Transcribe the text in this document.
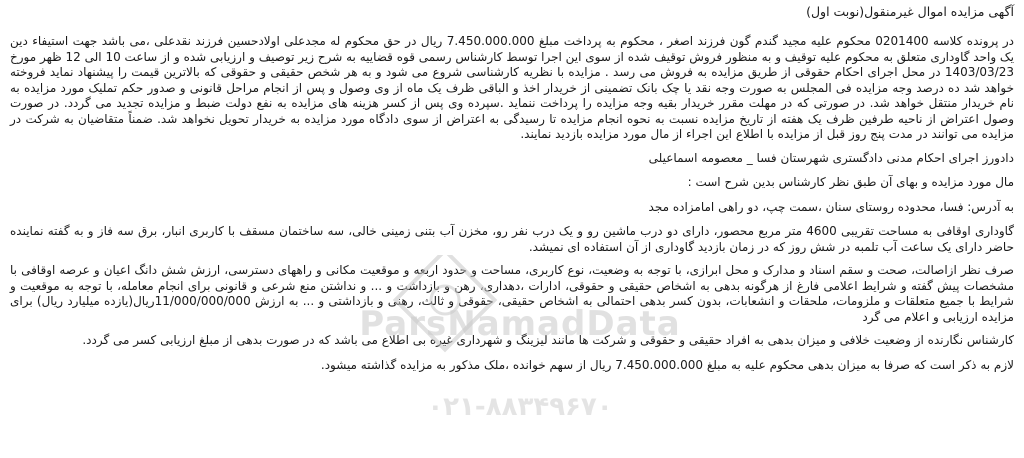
آگهی مزایده اموال غیرمنقول(نوبت اول)

در پرونده کلاسه 0201400 محکوم علیه مجید گندم گون فرزند اصغر ، محکوم به پرداخت مبلغ 7.450.000.000 ریال در حق محکوم له مجدعلی اولادحسین فرزند نقدعلی ،می باشد جهت استیفاء دین یک واحد گاوداری متعلق به محکوم علیه توقیف و به منظور فروش توقیف شده از سوی این اجرا توسط کارشناس رسمی قوه قضاییه به شرح زیر توصیف و ارزیابی شده و از ساعت 10 الی 12 ظهر مورخ 1403/03/23 در محل اجرای احکام حقوقی از طریق مزایده به فروش می رسد . مزایده با نظریه کارشناسی شروع می شود و به هر شخص حقیقی و حقوقی که بالاترین قیمت را پیشنهاد نماید فروخته خواهد شد ده درصد وجه مزایده فی المجلس به صورت وجه نقد یا چک بانک تضمینی از خریدار اخذ و الباقی ظرف یک ماه از وی وصول و پس از انجام مراحل قانونی و صدور حکم تملیک مورد مزایده به نام خریدار منتقل خواهد شد. در صورتی که در مهلت مقرر خریدار بقیه وجه مزایده را پرداخت ننماید .سپرده وی پس از کسر هزینه های مزایده به نفع دولت ضبط و مزایده تجدید می گردد. در صورت وصول اعتراض از ناحیه طرفین ظرف یک هفته از تاریخ مزایده نسبت به نحوه انجام مزایده تا رسیدگی به اعتراض از سوی دادگاه مورد مزایده به خریدار تحویل نخواهد شد. ضمناً متقاضیان به شرکت در مزایده می توانند در مدت پنج روز قبل از مزایده با اطلاع این اجراء از مال مورد مزایده بازدید نمایند.

دادورز اجرای احکام مدنی دادگستری شهرستان فسا _ معصومه اسماعیلی

مال مورد مزایده و بهای آن طبق نظر کارشناس بدین شرح است :

به آدرس: فسا، محدوده روستای سنان ،سمت چپ، دو راهی امامزاده مجد

گاوداری اوقافی به مساحت تقریبی 4600 متر مربع محصور، دارای دو درب ماشین رو و یک درب نفر رو، مخزن آب بتنی زمینی خالی، سه ساختمان مسقف با کاربری انبار، برق سه فاز و به گفته نماینده حاضر دارای یک ساعت آب تلمبه در شش روز که در زمان بازدید گاوداری از آن استفاده ای نمیشد.

صرف نظر ازاصالت، صحت و سقم اسناد و مدارک و محل ابرازی، با توجه به وضعیت، نوع کاربری، مساحت و حدود اربعه و موقعیت مکانی و راههای دسترسی، ارزش شش دانگ اعیان و عرصه اوقافی با مشخصات پیش گفته و شرایط اعلامی فارغ از هرگونه بدهی به اشخاص حقیقی و حقوقی، ادارات ،دهداری، رهن و بازداشت و ... و نداشتن منع شرعی و قانونی برای انجام معامله، با توجه به موقعیت و شرایط با جمیع متعلقات و ملزومات، ملحقات و انشعابات، بدون کسر بدهی احتمالی به اشخاص حقیقی، حقوقی و ثالث، رهنی و بازداشتی و ... به ارزش 11/000/000/000ریال(یازده میلیارد ریال) برای مزایده ارزیابی و اعلام می گرد

کارشناس نگارنده از وضعیت خلافی و میزان بدهی به افراد حقیقی و حقوقی و شرکت ها مانند لیزینگ و شهرداری غیره بی اطلاع می باشد که در صورت بدهی از مبلغ ارزیابی کسر می گردد.

لازم به ذکر است که صرفا به میزان بدهی محکوم علیه به مبلغ 7.450.000.000 ریال از سهم خوانده ،ملک مذکور به مزایده گذاشته میشود.

ParsNamadData
۰۲۱-۸۸۳۴۹۶۷۰
